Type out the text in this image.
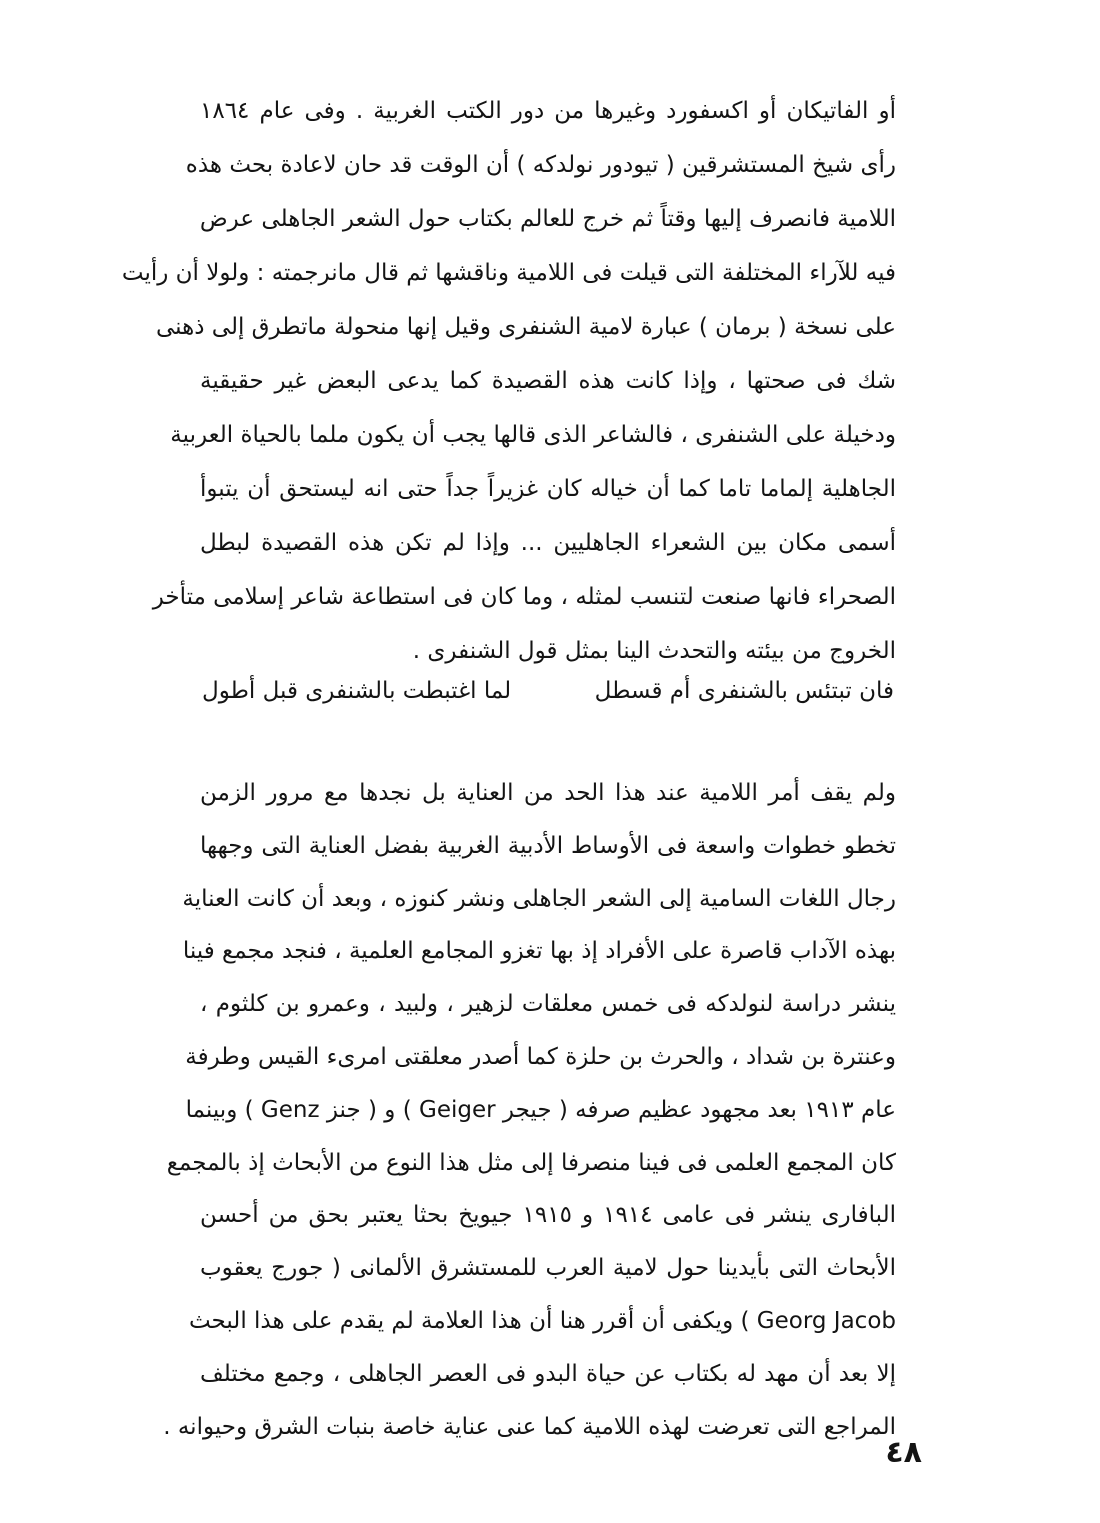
أو الفاتيكان أو اكسفورد وغيرها من دور الكتب الغربية . وفى عام ١٨٦٤
رأى شيخ المستشرقين ( تيودور نولدكه ) أن الوقت قد حان لاعادة بحث هذه
اللامية فانصرف إليها وقتاً ثم خرج للعالم بكتاب حول الشعر الجاهلى عرض
فيه للآراء المختلفة التى قيلت فى اللامية وناقشها ثم قال مانرجمته : ولولا أن رأيت
على نسخة ( برمان ) عبارة لامية الشنفرى وقيل إنها منحولة ماتطرق إلى ذهنى
شك فى صحتها ، وإذا كانت هذه القصيدة كما يدعى البعض غير حقيقية
ودخيلة على الشنفرى ، فالشاعر الذى قالها يجب أن يكون ملما بالحياة العربية
الجاهلية إلماما تاما كما أن خياله كان غزيراً جداً حتى انه ليستحق أن يتبوأ
أسمى مكان بين الشعراء الجاهليين ... وإذا لم تكن هذه القصيدة لبطل
الصحراء فانها صنعت لتنسب لمثله ، وما كان فى استطاعة شاعر إسلامى متأخر
الخروج من بيئته والتحدث الينا بمثل قول الشنفرى .
فان تبتئس بالشنفرى أم قسطل
لما اغتبطت بالشنفرى قبل أطول
ولم يقف أمر اللامية عند هذا الحد من العناية بل نجدها مع مرور الزمن
تخطو خطوات واسعة فى الأوساط الأدبية الغربية بفضل العناية التى وجهها
رجال اللغات السامية إلى الشعر الجاهلى ونشر كنوزه ، وبعد أن كانت العناية
بهذه الآداب قاصرة على الأفراد إذ بها تغزو المجامع العلمية ، فنجد مجمع فينا
ينشر دراسة لنولدكه فى خمس معلقات لزهير ، ولبيد ، وعمرو بن كلثوم ،
وعنترة بن شداد ، والحرث بن حلزة كما أصدر معلقتى امرىء القيس وطرفة
عام ١٩١٣ بعد مجهود عظيم صرفه ( جيجر Geiger ) و ( جنز Genz ) وبينما
كان المجمع العلمى فى فينا منصرفا إلى مثل هذا النوع من الأبحاث إذ بالمجمع
البافارى ينشر فى عامى ١٩١٤ و ١٩١٥ جيويخ بحثا يعتبر بحق من أحسن
الأبحاث التى بأيدينا حول لامية العرب للمستشرق الألمانى ( جورج يعقوب
Georg Jacob ) ويكفى أن أقرر هنا أن هذا العلامة لم يقدم على هذا البحث
إلا بعد أن مهد له بكتاب عن حياة البدو فى العصر الجاهلى ، وجمع مختلف
المراجع التى تعرضت لهذه اللامية كما عنى عناية خاصة بنبات الشرق وحيوانه .
٤٨
